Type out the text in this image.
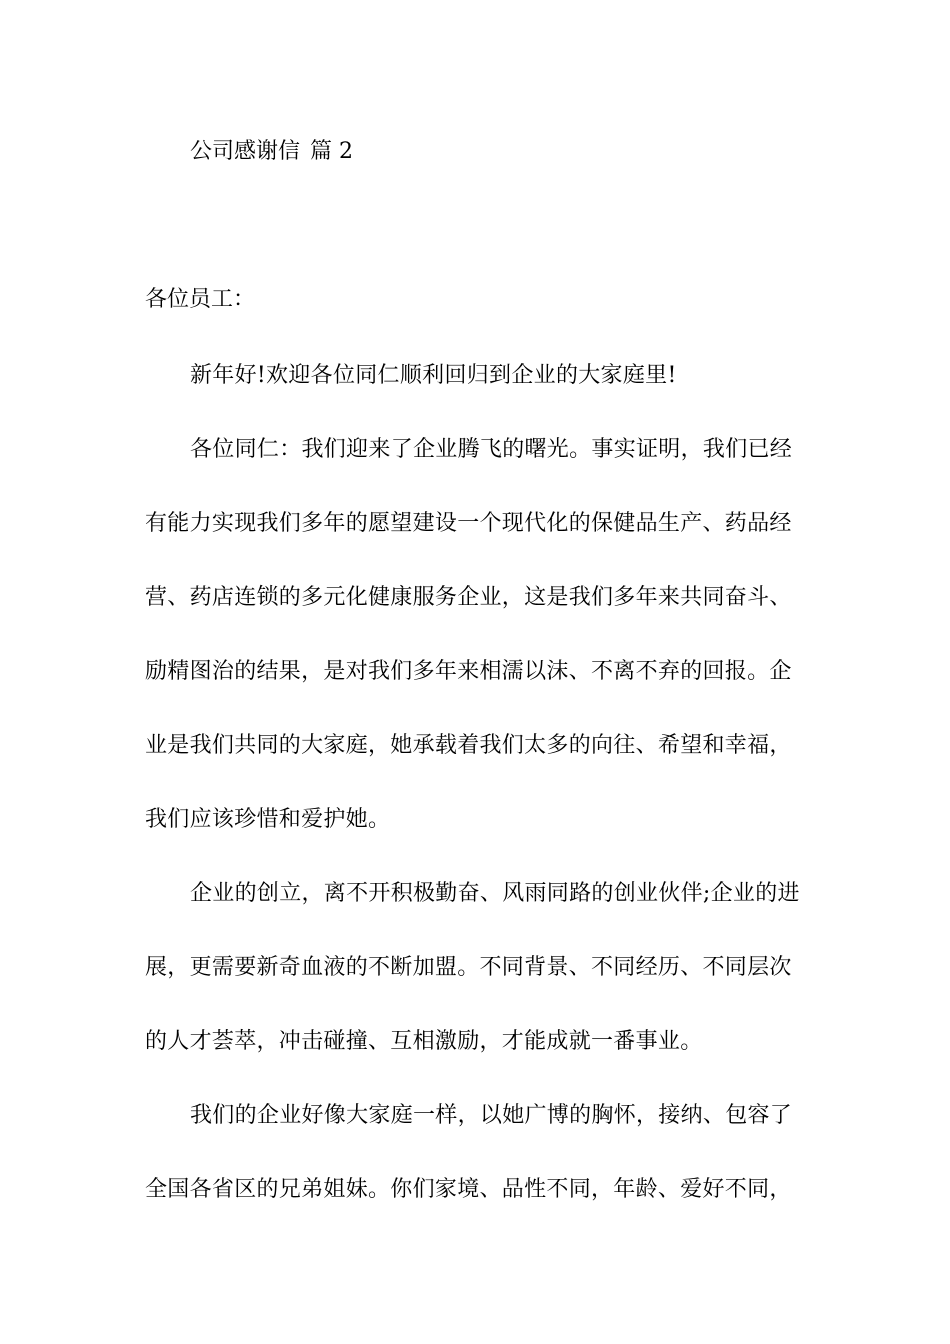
公司感谢信 篇 2
各位员工：

新年好!欢迎各位同仁顺利回归到企业的大家庭里!

各位同仁：我们迎来了企业腾飞的曙光。事实证明，我们已经
有能力实现我们多年的愿望建设一个现代化的保健品生产、药品经
营、药店连锁的多元化健康服务企业，这是我们多年来共同奋斗、
励精图治的结果，是对我们多年来相濡以沫、不离不弃的回报。企
业是我们共同的大家庭，她承载着我们太多的向往、希望和幸福，
我们应该珍惜和爱护她。

企业的创立，离不开积极勤奋、风雨同路的创业伙伴;企业的进
展，更需要新奇血液的不断加盟。不同背景、不同经历、不同层次
的人才荟萃，冲击碰撞、互相激励，才能成就一番事业。

我们的企业好像大家庭一样，以她广博的胸怀，接纳、包容了
全国各省区的兄弟姐妹。你们家境、品性不同，年龄、爱好不同，
